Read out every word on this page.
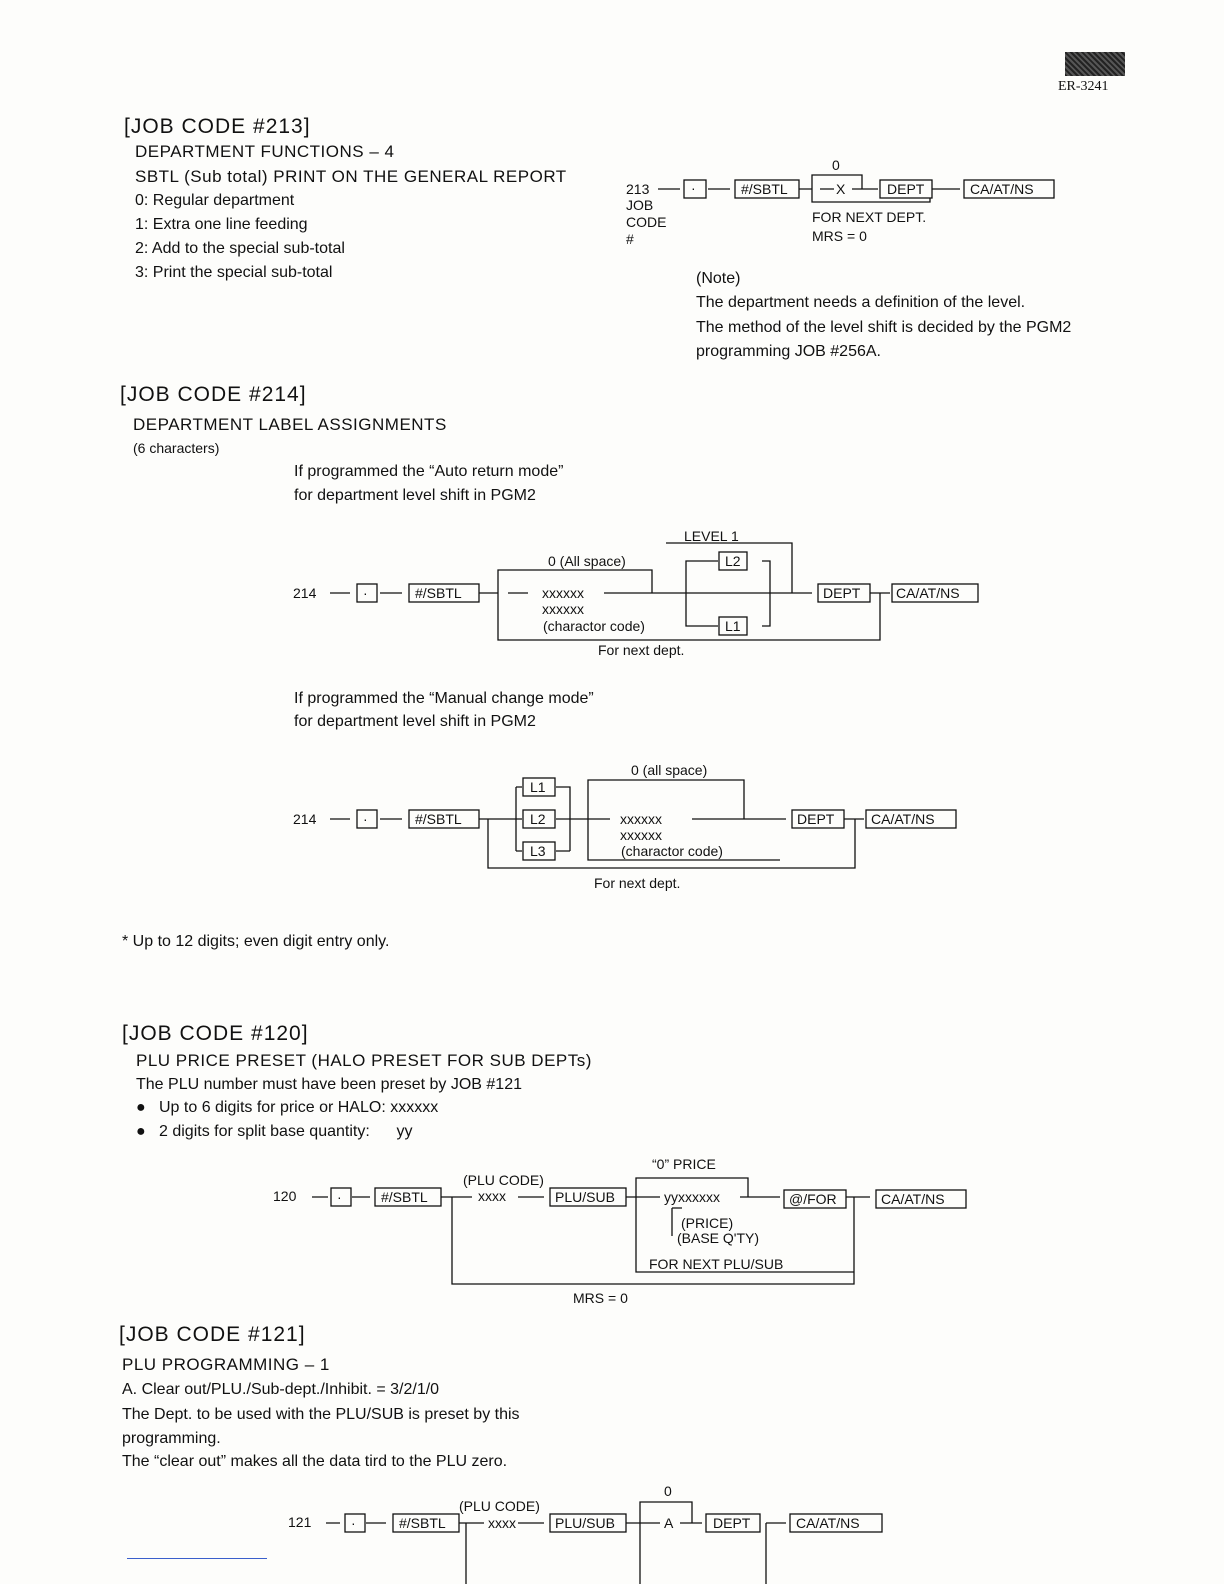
ER-3241
[JOB CODE #213]
DEPARTMENT FUNCTIONS – 4
SBTL (Sub total) PRINT ON THE GENERAL REPORT
0: Regular department
1: Extra one line feeding
2: Add to the special sub-total
3: Print the special sub-total
213
JOB
CODE
#
·	#/SBTL
0
X	DEPT	CA/AT/NS
FOR NEXT DEPT.
MRS = 0
(Note)
The department needs a definition of the level.
The method of the level shift is decided by the PGM2
programming JOB #256A.
[JOB CODE #214]
DEPARTMENT LABEL ASSIGNMENTS
(6 characters)
If programmed the “Auto return mode”
for department level shift in PGM2
214	·	#/SBTL
0 (All space)
xxxxxx
xxxxxx
(charactor code)
LEVEL 1
L2
L1
DEPT	CA/AT/NS
For next dept.
If programmed the “Manual change mode”
for department level shift in PGM2
214	·	#/SBTL
L1
L2
L3
0 (all space)
xxxxxx
xxxxxx
(charactor code)
DEPT	CA/AT/NS
For next dept.
* Up to 12 digits; even digit entry only.
[JOB CODE #120]
PLU PRICE PRESET (HALO PRESET FOR SUB DEPTs)
The PLU number must have been preset by JOB #121
● Up to 6 digits for price or HALO: xxxxxx
● 2 digits for split base quantity:      yy
120	·	#/SBTL
(PLU CODE)
xxxx	PLU/SUB
“0” PRICE
yyxxxxxx
(PRICE)
(BASE Q'TY)
FOR NEXT PLU/SUB
@/FOR	CA/AT/NS
MRS = 0
[JOB CODE #121]
PLU PROGRAMMING – 1
A. Clear out/PLU./Sub-dept./Inhibit. = 3/2/1/0
The Dept. to be used with the PLU/SUB is preset by this
programming.
The “clear out” makes all the data tird to the PLU zero.
121	·	#/SBTL
(PLU CODE)
xxxx	PLU/SUB
0
A	DEPT	CA/AT/NS
